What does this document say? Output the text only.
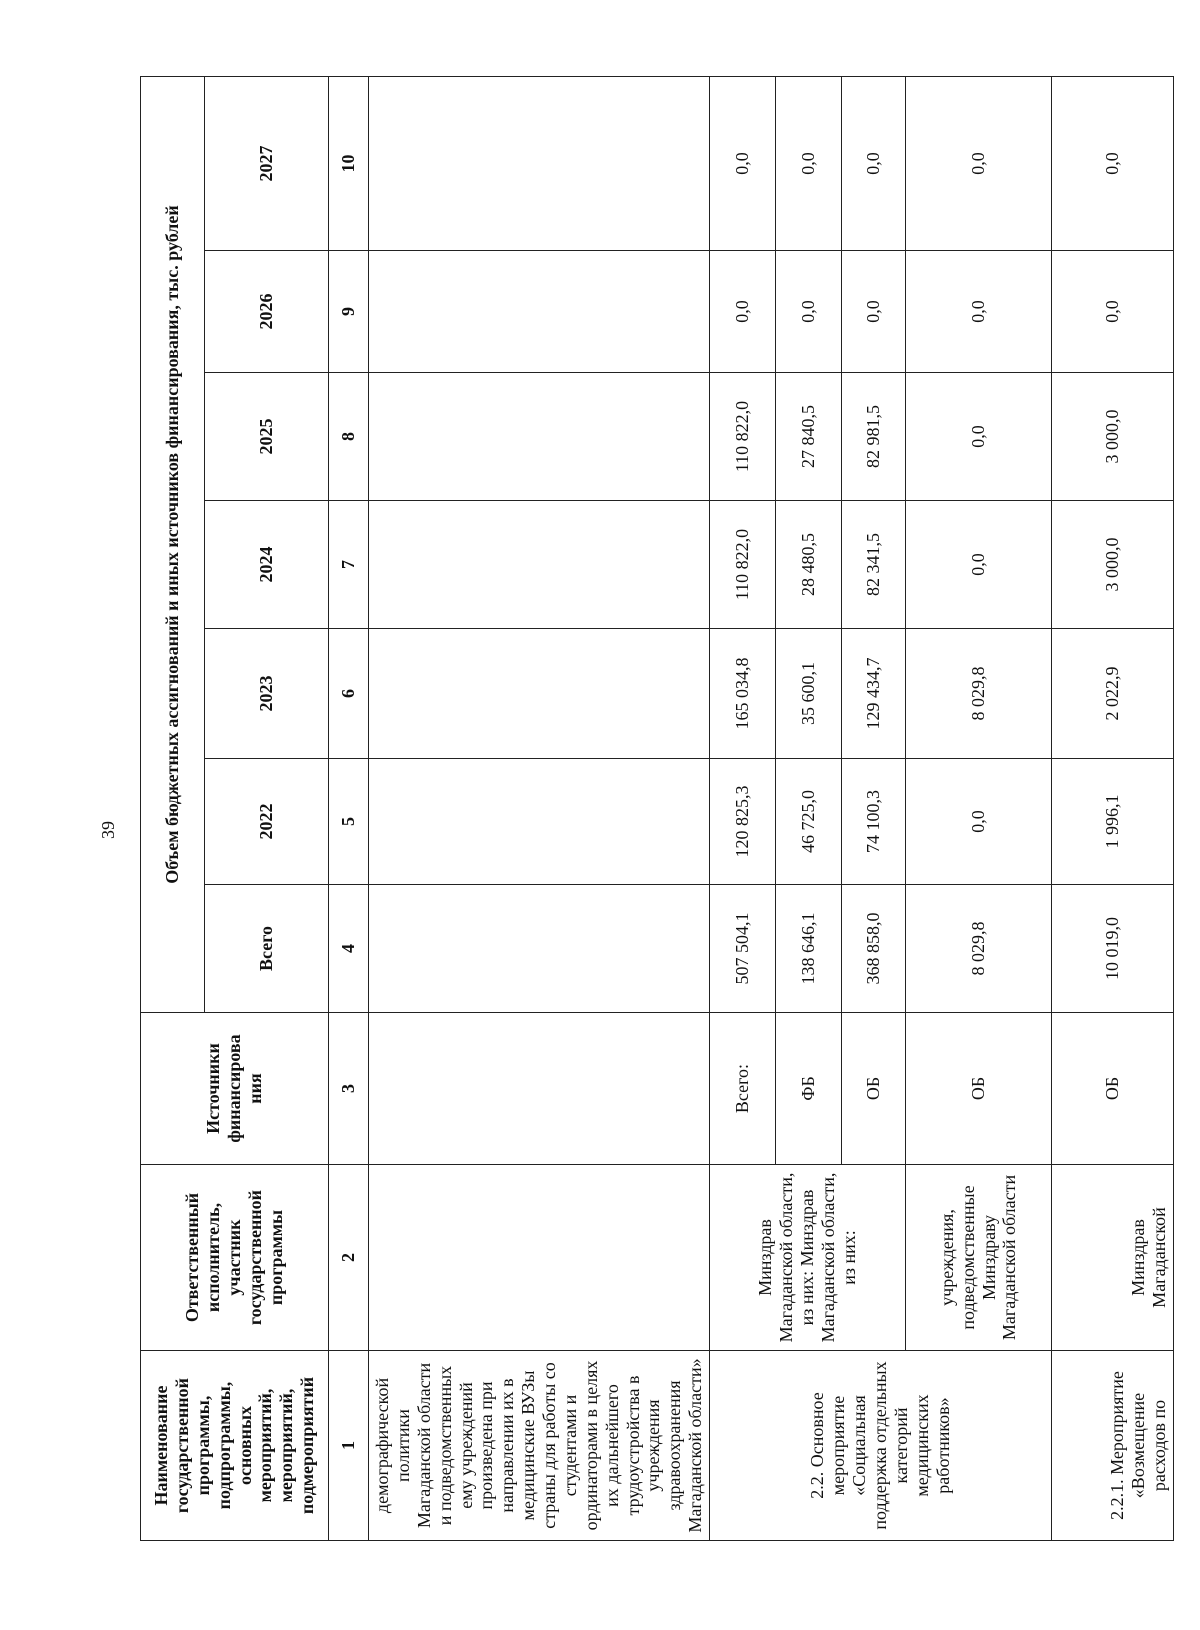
39
Наименование государственной программы, подпрограммы, основных мероприятий, мероприятий, подмероприятий	Ответственный исполнитель, участник государственной программы	Источники финансирова ния	Объем бюджетных ассигнований и иных источников финансирования, тыс. рублей						
			Всего	2022	2023	2024	2025	2026	2027
1	2	3	4	5	6	7	8	9	10
демографической политики Магаданской области и подведомственных ему учреждений произведена при направлении их в медицинские ВУЗы страны для работы со студентами и ординаторами в целях их дальнейшего трудоустройства в учреждения здравоохранения Магаданской области»									
2.2. Основное мероприятие «Социальная поддержка отдельных категорий медицинских работников»	Минздрав Магаданской области, из них: Минздрав Магаданской области, из них:	Всего:	507 504,1	120 825,3	165 034,8	110 822,0	110 822,0	0,0	0,0
		ФБ	138 646,1	46 725,0	35 600,1	28 480,5	27 840,5	0,0	0,0
		ОБ	368 858,0	74 100,3	129 434,7	82 341,5	82 981,5	0,0	0,0
	учреждения, подведомственные Минздраву Магаданской области	ОБ	8 029,8	0,0	8 029,8	0,0	0,0	0,0	0,0
2.2.1. Мероприятие «Возмещение расходов по	Минздрав Магаданской	ОБ	10 019,0	1 996,1	2 022,9	3 000,0	3 000,0	0,0	0,0
